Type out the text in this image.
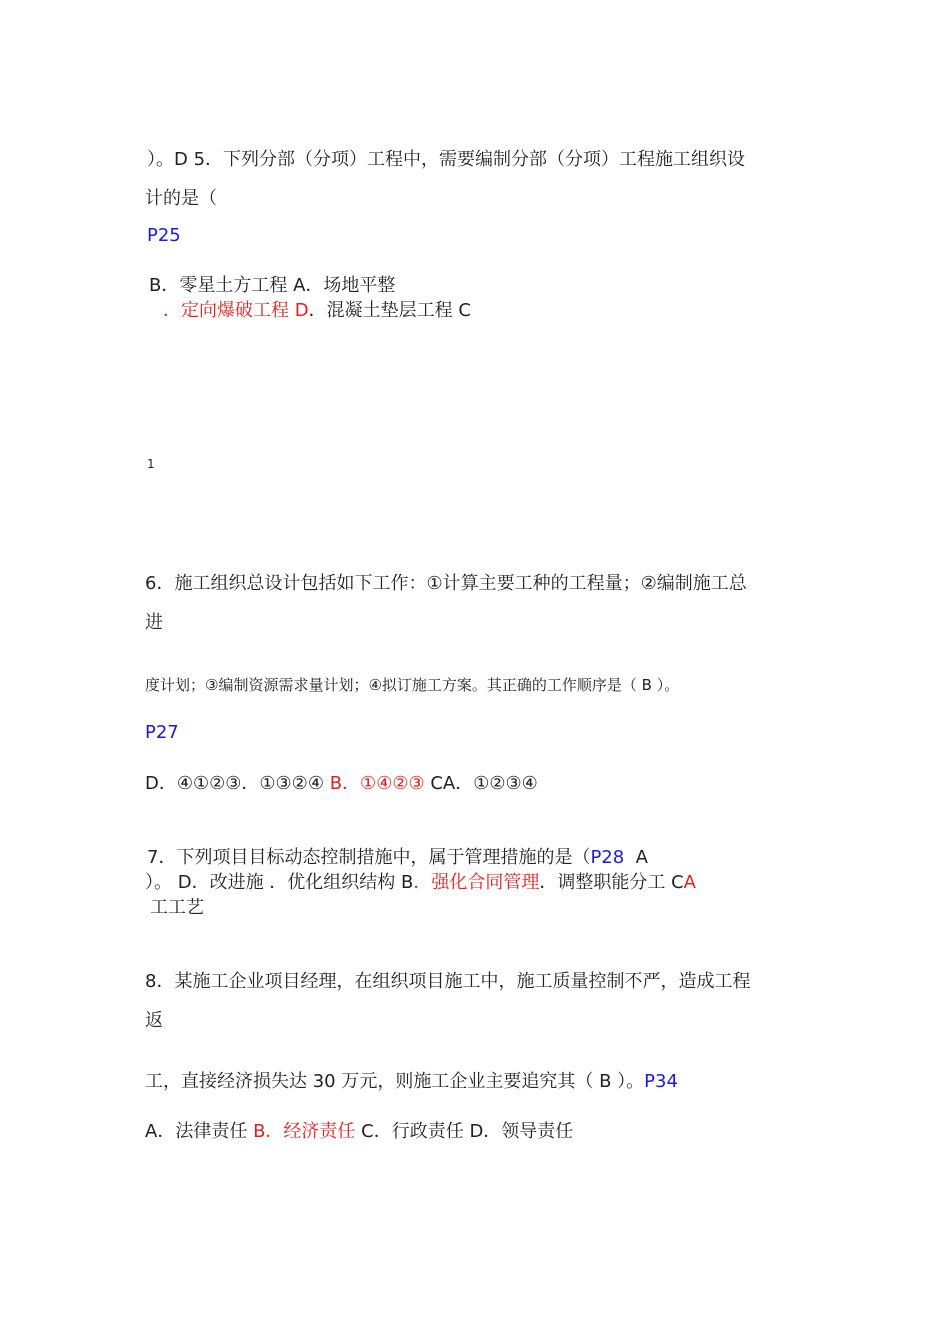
）。D 5．下列分部（分项）工程中，需要编制分部（分项）工程施工组织设
计的是（
P25
B．零星土方工程 A．场地平整
．定向爆破工程 D．混凝土垫层工程 C
1
6．施工组织总设计包括如下工作：①计算主要工种的工程量；②编制施工总
进
度计划；③编制资源需求量计划；④拟订施工方案。其正确的工作顺序是（ B ）。
P27
D．④①②③．①③②④ B．①④②③ CA．①②③④
7．下列项目目标动态控制措施中，属于管理措施的是（P28 A
）。 D．改进施 ．优化组织结构 B．强化合同管理．调整职能分工 CA
工工艺
8．某施工企业项目经理，在组织项目施工中，施工质量控制不严，造成工程
返
工，直接经济损失达 30 万元，则施工企业主要追究其（ B ）。P34
A．法律责任 B．经济责任 C．行政责任 D．领导责任
